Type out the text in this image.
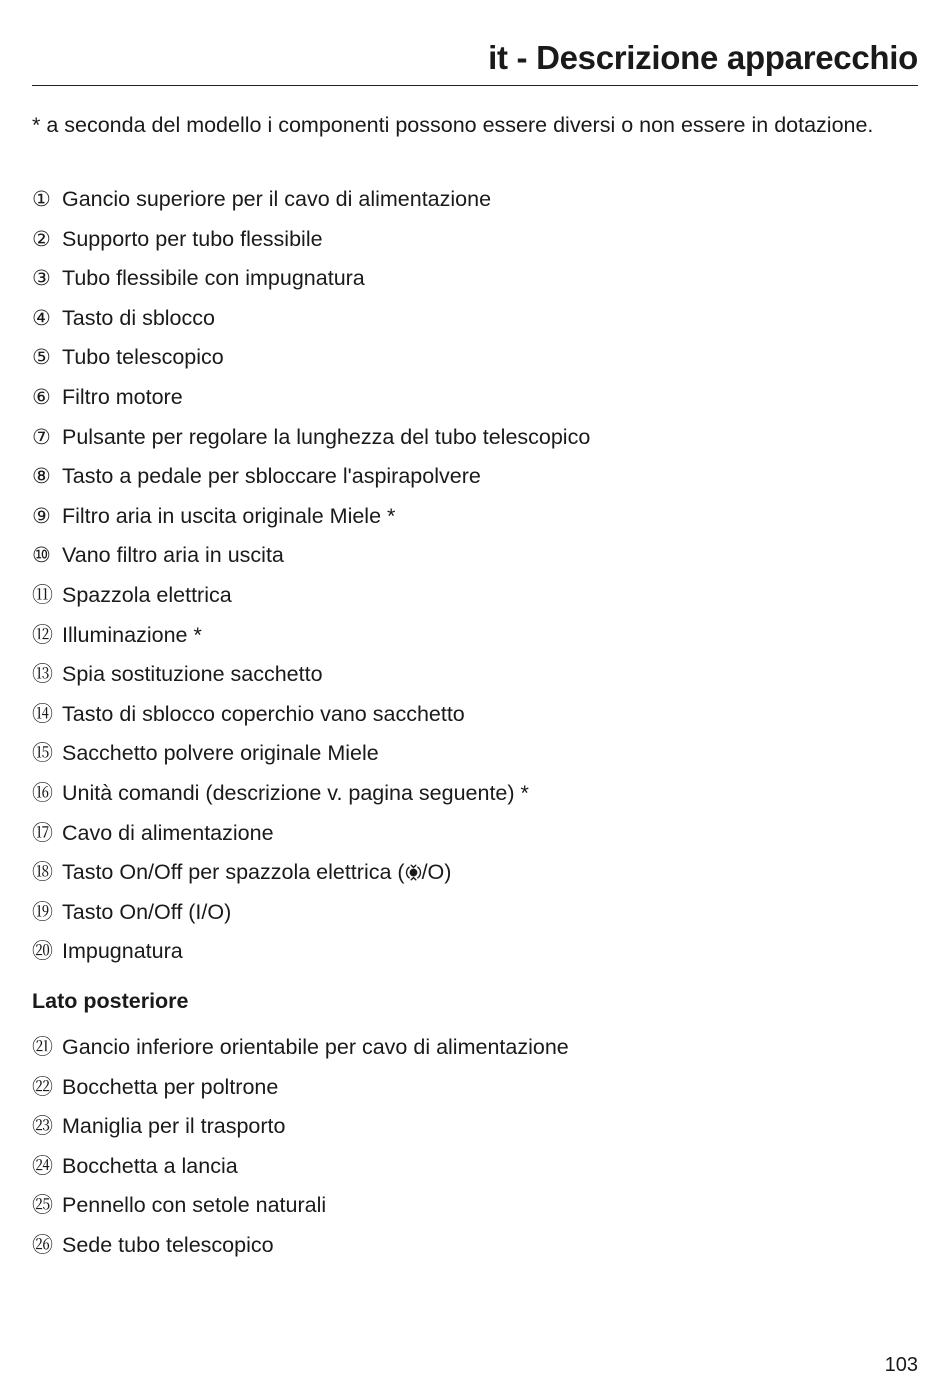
it - Descrizione apparecchio

* a seconda del modello i componenti possono essere diversi o non essere in dotazione.

① Gancio superiore per il cavo di alimentazione
② Supporto per tubo flessibile
③ Tubo flessibile con impugnatura
④ Tasto di sblocco
⑤ Tubo telescopico
⑥ Filtro motore
⑦ Pulsante per regolare la lunghezza del tubo telescopico
⑧ Tasto a pedale per sbloccare l'aspirapolvere
⑨ Filtro aria in uscita originale Miele *
⑩ Vano filtro aria in uscita
⑪ Spazzola elettrica
⑫ Illuminazione *
⑬ Spia sostituzione sacchetto
⑭ Tasto di sblocco coperchio vano sacchetto
⑮ Sacchetto polvere originale Miele
⑯ Unità comandi (descrizione v. pagina seguente) *
⑰ Cavo di alimentazione
⑱ Tasto On/Off per spazzola elettrica ( /O)
⑲ Tasto On/Off (I/O)
⑳ Impugnatura
Lato posteriore
㉑ Gancio inferiore orientabile per cavo di alimentazione
㉒ Bocchetta per poltrone
㉓ Maniglia per il trasporto
㉔ Bocchetta a lancia
㉕ Pennello con setole naturali
㉖ Sede tubo telescopico
103
